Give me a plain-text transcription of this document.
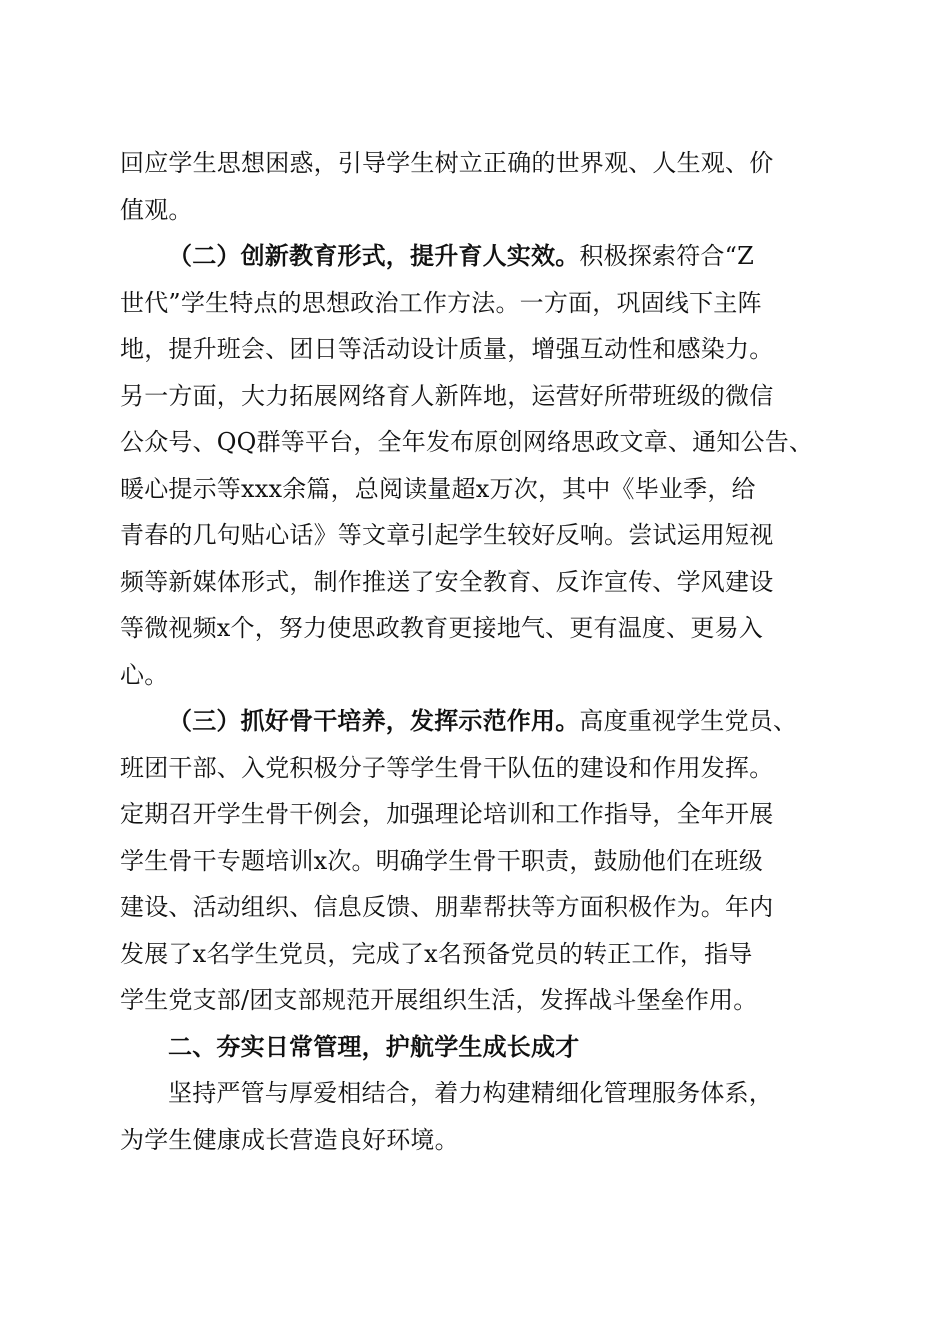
回应学生思想困惑，引导学生树立正确的世界观、人生观、价
值观。
（二）创新教育形式，提升育人实效。积极探索符合“Z
世代”学生特点的思想政治工作方法。一方面，巩固线下主阵
地，提升班会、团日等活动设计质量，增强互动性和感染力。
另一方面，大力拓展网络育人新阵地，运营好所带班级的微信
公众号、QQ群等平台，全年发布原创网络思政文章、通知公告、
暖心提示等xxx余篇，总阅读量超x万次，其中《毕业季，给
青春的几句贴心话》等文章引起学生较好反响。尝试运用短视
频等新媒体形式，制作推送了安全教育、反诈宣传、学风建设
等微视频x个，努力使思政教育更接地气、更有温度、更易入
心。
（三）抓好骨干培养，发挥示范作用。高度重视学生党员、
班团干部、入党积极分子等学生骨干队伍的建设和作用发挥。
定期召开学生骨干例会，加强理论培训和工作指导，全年开展
学生骨干专题培训x次。明确学生骨干职责，鼓励他们在班级
建设、活动组织、信息反馈、朋辈帮扶等方面积极作为。年内
发展了x名学生党员，完成了x名预备党员的转正工作，指导
学生党支部/团支部规范开展组织生活，发挥战斗堡垒作用。
二、夯实日常管理，护航学生成长成才
坚持严管与厚爱相结合，着力构建精细化管理服务体系，
为学生健康成长营造良好环境。
